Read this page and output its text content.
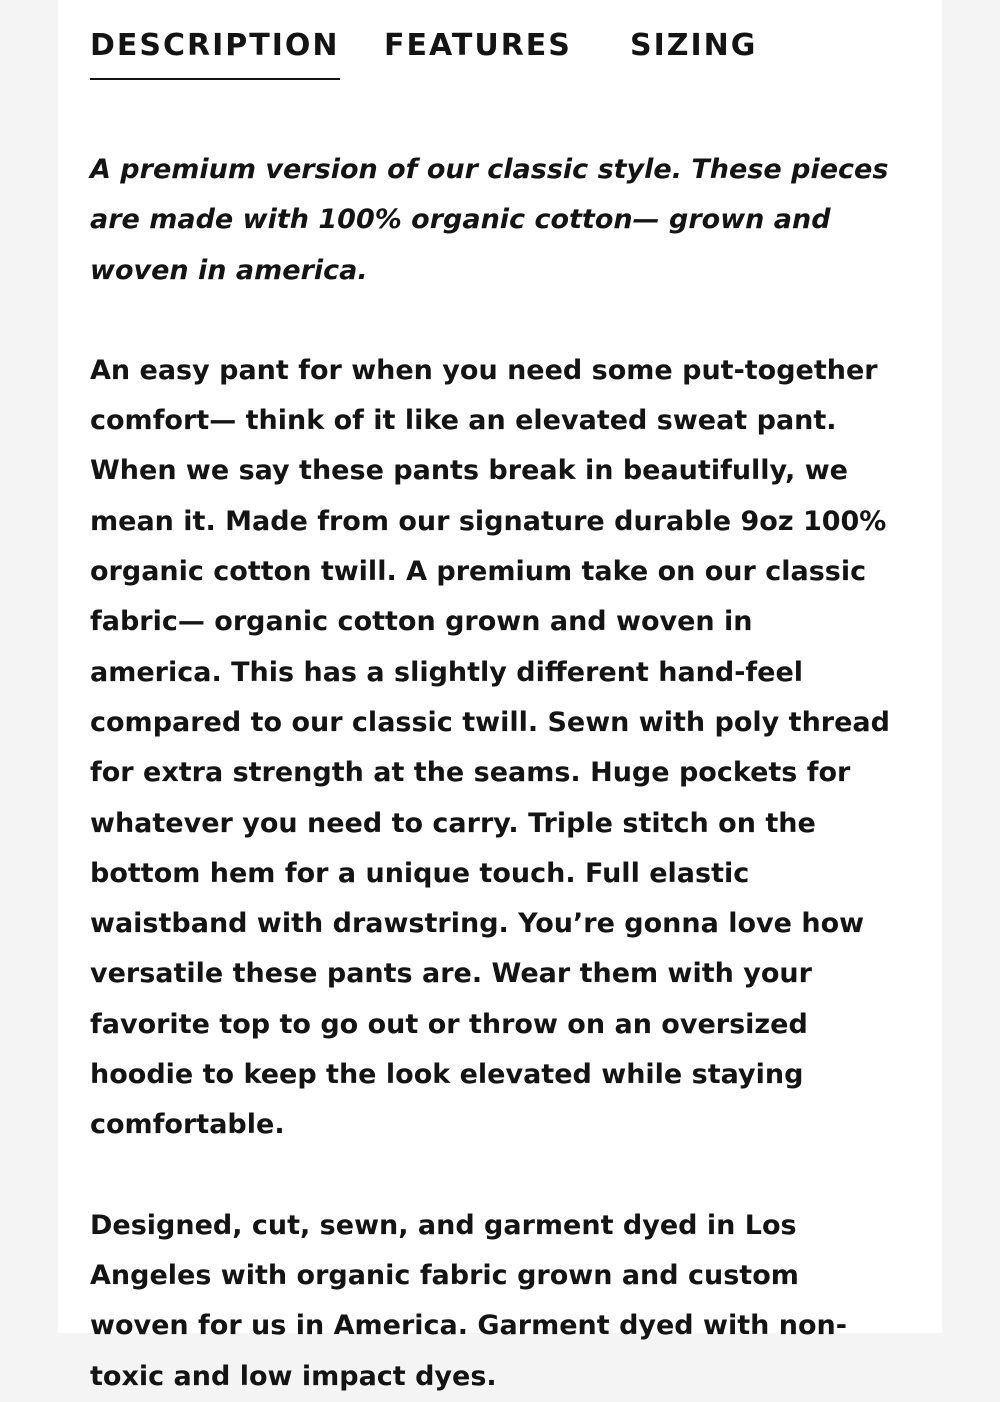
DESCRIPTION FEATURES SIZING

A premium version of our classic style. These pieces are made with 100% organic cotton— grown and woven in america.

An easy pant for when you need some put-together comfort— think of it like an elevated sweat pant. When we say these pants break in beautifully, we mean it. Made from our signature durable 9oz 100% organic cotton twill. A premium take on our classic fabric— organic cotton grown and woven in america. This has a slightly different hand-feel compared to our classic twill. Sewn with poly thread for extra strength at the seams. Huge pockets for whatever you need to carry. Triple stitch on the bottom hem for a unique touch. Full elastic waistband with drawstring. You’re gonna love how versatile these pants are. Wear them with your favorite top to go out or throw on an oversized hoodie to keep the look elevated while staying comfortable.

Designed, cut, sewn, and garment dyed in Los Angeles with organic fabric grown and custom woven for us in America. Garment dyed with non-toxic and low impact dyes.
